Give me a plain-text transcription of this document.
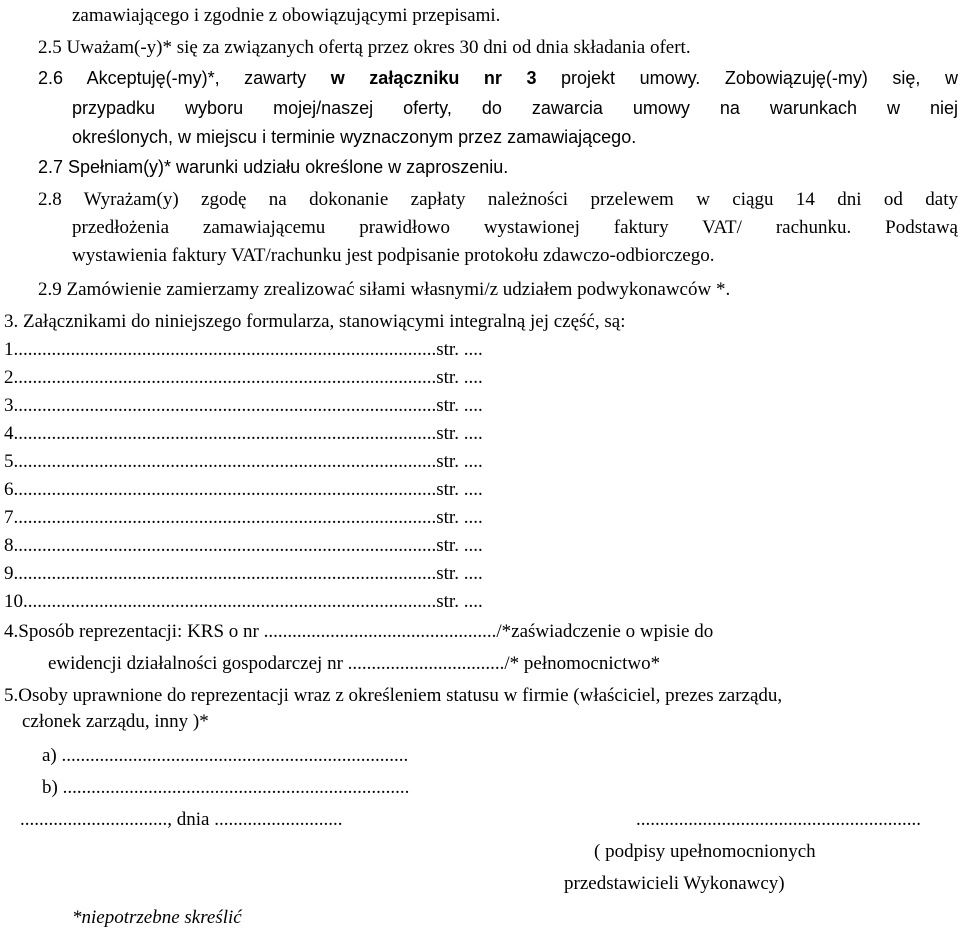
zamawiającego i zgodnie z obowiązującymi przepisami.
2.5 Uważam(-y)* się za związanych ofertą przez okres 30 dni od dnia składania ofert.
2.6 Akceptuję(-my)*, zawarty w załączniku nr 3 projekt umowy. Zobowiązuję(-my) się, w
przypadku wyboru mojej/naszej oferty, do zawarcia umowy na warunkach w niej
określonych, w miejscu i terminie wyznaczonym przez zamawiającego.
2.7 Spełniam(y)* warunki udziału określone w zaproszeniu.
2.8 Wyrażam(y) zgodę na dokonanie zapłaty należności przelewem w ciągu 14 dni od daty
przedłożenia zamawiającemu prawidłowo wystawionej faktury VAT/ rachunku. Podstawą
wystawienia faktury VAT/rachunku jest podpisanie protokołu zdawczo-odbiorczego.
2.9 Zamówienie zamierzamy zrealizować siłami własnymi/z udziałem podwykonawców *.
3. Załącznikami do niniejszego formularza, stanowiącymi integralną jej część, są:
1.........................................................................................str. ....
2.........................................................................................str. ....
3.........................................................................................str. ....
4.........................................................................................str. ....
5.........................................................................................str. ....
6.........................................................................................str. ....
7.........................................................................................str. ....
8.........................................................................................str. ....
9.........................................................................................str. ....
10.......................................................................................str. ....
4.Sposób reprezentacji: KRS o nr ................................................./*zaświadczenie o wpisie do
ewidencji działalności gospodarczej nr ................................./* pełnomocnictwo*
5.Osoby uprawnione do reprezentacji wraz z określeniem statusu w firmie (właściciel, prezes zarządu,
członek zarządu, inny )*
a) .........................................................................
b) .........................................................................
..............................., dnia ...........................	............................................................
( podpisy upełnomocnionych
przedstawicieli Wykonawcy)
*niepotrzebne skreślić
